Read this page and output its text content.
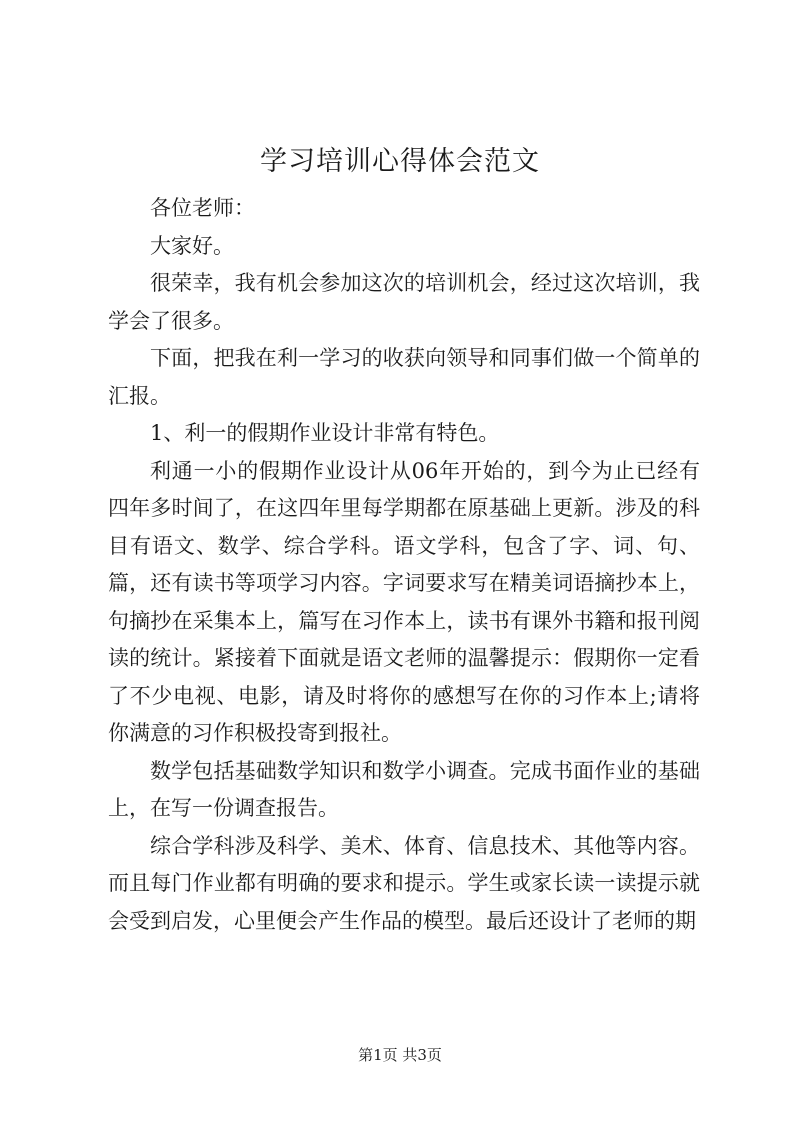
学习培训心得体会范文

各位老师：

大家好。

很荣幸，我有机会参加这次的培训机会，经过这次培训，我学会了很多。

下面，把我在利一学习的收获向领导和同事们做一个简单的汇报。

1、利一的假期作业设计非常有特色。

利通一小的假期作业设计从06年开始的，到今为止已经有四年多时间了，在这四年里每学期都在原基础上更新。涉及的科目有语文、数学、综合学科。语文学科，包含了字、词、句、篇，还有读书等项学习内容。字词要求写在精美词语摘抄本上，句摘抄在采集本上，篇写在习作本上，读书有课外书籍和报刊阅读的统计。紧接着下面就是语文老师的温馨提示：假期你一定看了不少电视、电影，请及时将你的感想写在你的习作本上;请将你满意的习作积极投寄到报社。

数学包括基础数学知识和数学小调查。完成书面作业的基础上，在写一份调查报告。

综合学科涉及科学、美术、体育、信息技术、其他等内容。而且每门作业都有明确的要求和提示。学生或家长读一读提示就会受到启发，心里便会产生作品的模型。最后还设计了老师的期

第1页 共3页
